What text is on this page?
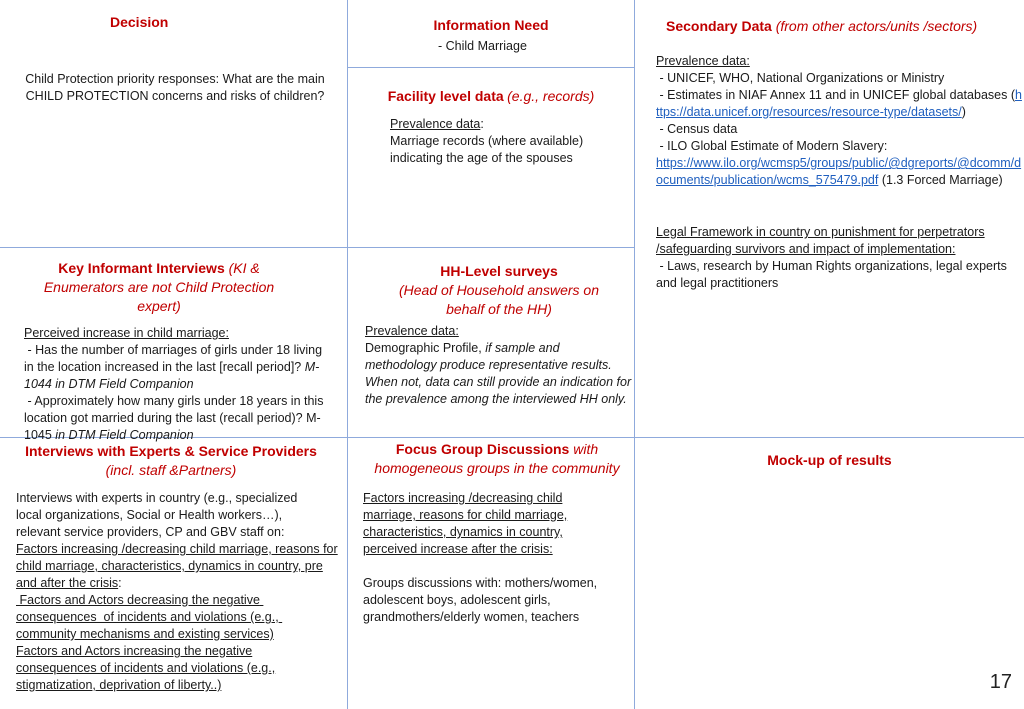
Decision

Child Protection priority responses: What are the main CHILD PROTECTION concerns and risks of children?

Information Need
- Child Marriage
Facility level data (e.g., records)

Prevalence data:

Marriage records (where available) indicating the age of the spouses

Secondary Data (from other actors/units /sectors)

Prevalence data:

- UNICEF, WHO, National Organizations or Ministry

- Estimates in NIAF Annex 11 and in UNICEF global databases (https://data.unicef.org/resources/resource-type/datasets/)

- Census data

- ILO Global Estimate of Modern Slavery:

https://www.ilo.org/wcmsp5/groups/public/@dgreports/@dcomm/documents/publication/wcms_575479.pdf (1.3 Forced Marriage)

Legal Framework in country on punishment for perpetrators /safeguarding survivors and impact of implementation:

- Laws, research by Human Rights organizations, legal experts and legal practitioners

Key Informant Interviews (KI & Enumerators are not Child Protection expert)

Perceived increase in child marriage:

- Has the number of marriages of girls under 18 living in the location increased in the last [recall period]? M-1044 in DTM Field Companion

- Approximately how many girls under 18 years in this location got married during the last (recall period)? M-1045 in DTM Field Companion

HH-Level surveys
(Head of Household answers on behalf of the HH)

Prevalence data:

Demographic Profile, if sample and methodology produce representative results. When not, data can still provide an indication for the prevalence among the interviewed HH only.

Interviews with Experts & Service Providers
(incl. staff &Partners)

Interviews with experts in country (e.g., specialized local organizations, Social or Health workers…), relevant service providers, CP and GBV staff on:

Factors increasing /decreasing child marriage, reasons for child marriage, characteristics, dynamics in country, pre and after the crisis:

Factors and Actors decreasing the negative consequences  of incidents and violations (e.g., community mechanisms and existing services)

Factors and Actors increasing the negative consequences of incidents and violations (e.g., stigmatization, deprivation of liberty..)

Focus Group Discussions with homogeneous groups in the community

Factors increasing /decreasing child marriage, reasons for child marriage, characteristics, dynamics in country, perceived increase after the crisis:

Groups discussions with: mothers/women, adolescent boys, adolescent girls, grandmothers/elderly women, teachers

Mock-up of results
17
